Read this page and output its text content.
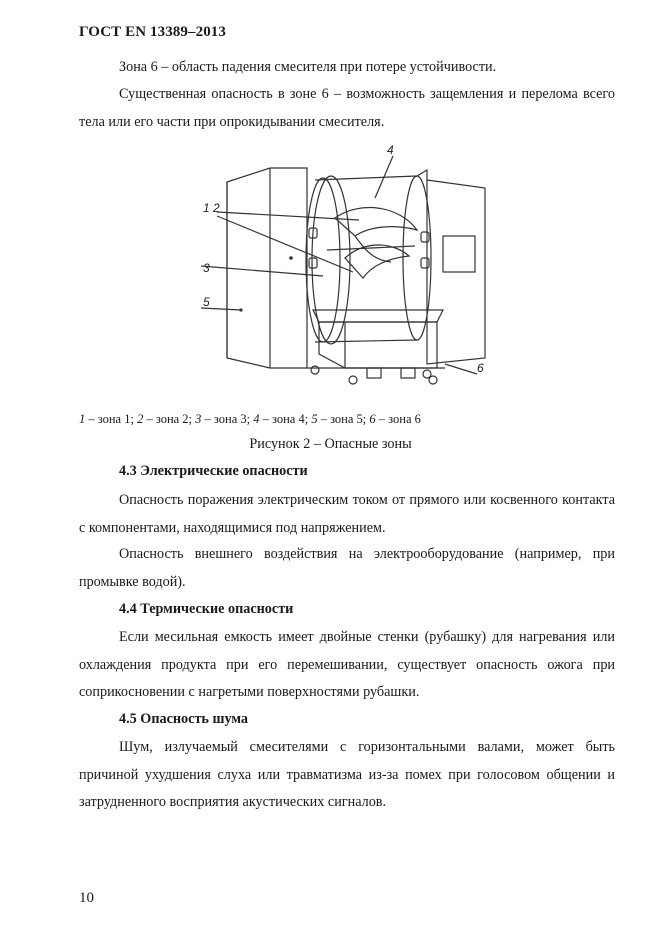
ГОСТ EN 13389–2013

Зона 6 – область падения смесителя при потере устойчивости.

Существенная опасность в зоне 6 – возможность защемления и перелома всего тела или его части при опрокидывании смесителя.

4
1 2
3
5
6
1 – зона 1; 2 – зона 2; 3 – зона 3; 4 – зона 4; 5 – зона 5; 6 – зона 6
Рисунок 2 – Опасные зоны
4.3 Электрические опасности

Опасность поражения электрическим током от прямого или косвенного контакта с компонентами, находящимися под напряжением.

Опасность внешнего воздействия на электрооборудование (например, при промывке водой).

4.4 Термические опасности

Если месильная емкость имеет двойные стенки (рубашку) для нагревания или охлаждения продукта при его перемешивании, существует опасность ожога при соприкосновении с нагретыми поверхностями рубашки.

4.5 Опасность шума

Шум, излучаемый смесителями с горизонтальными валами, может быть причиной ухудшения слуха или травматизма из-за помех при голосовом общении и затрудненного восприятия акустических сигналов.

10
